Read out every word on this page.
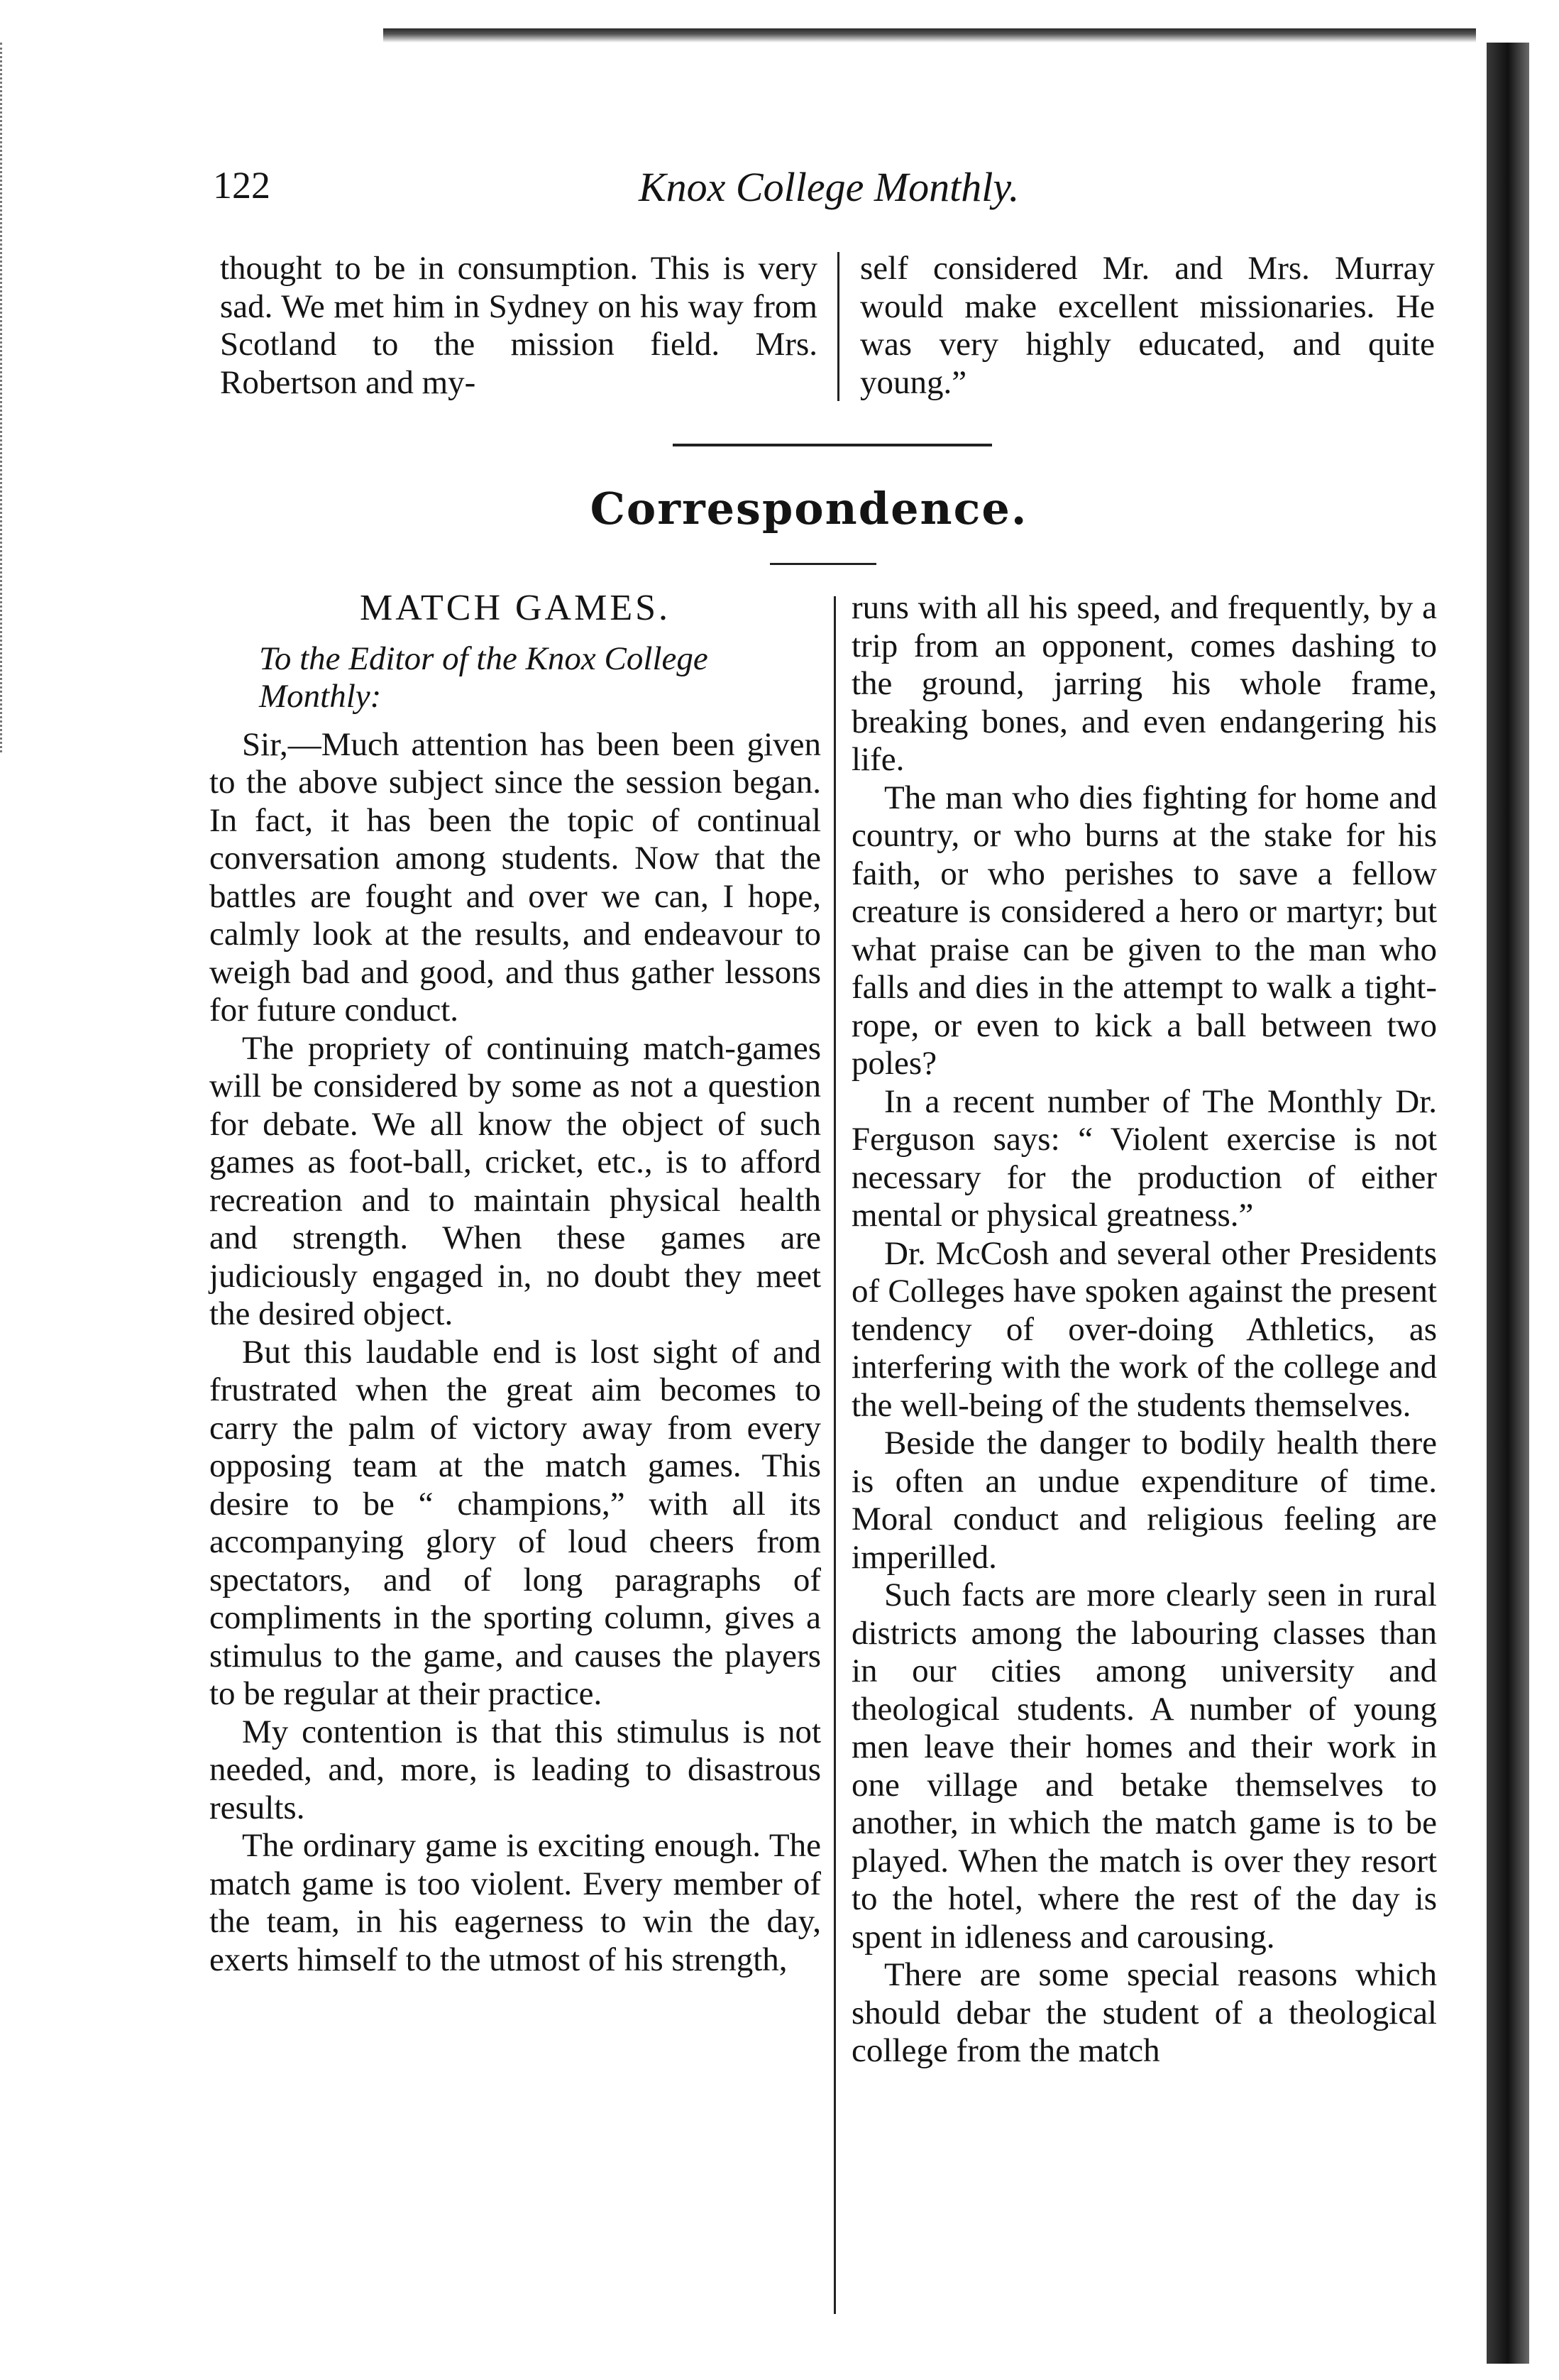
122	Knox College Monthly.

thought to be in consumption. This is very sad. We met him in Sydney on his way from Scotland to the mission field. Mrs. Robertson and my-

self considered Mr. and Mrs. Murray would make excellent missionaries. He was very highly educated, and quite young.”

Correspondence.

MATCH GAMES.

To the Editor of the Knox College

Monthly:

Sir,—Much attention has been been given to the above subject since the session began. In fact, it has been the topic of continual conversation among students. Now that the battles are fought and over we can, I hope, calmly look at the results, and endeavour to weigh bad and good, and thus gather lessons for future conduct.

The propriety of continuing match-games will be considered by some as not a question for debate. We all know the object of such games as foot-ball, cricket, etc., is to afford recreation and to maintain physical health and strength. When these games are judiciously engaged in, no doubt they meet the desired object.

But this laudable end is lost sight of and frustrated when the great aim becomes to carry the palm of victory away from every opposing team at the match games. This desire to be “ champions,” with all its accompanying glory of loud cheers from spectators, and of long paragraphs of compliments in the sporting column, gives a stimulus to the game, and causes the players to be regular at their practice.

My contention is that this stimulus is not needed, and, more, is leading to disastrous results.

The ordinary game is exciting enough. The match game is too violent. Every member of the team, in his eagerness to win the day, exerts himself to the utmost of his strength,

runs with all his speed, and frequently, by a trip from an opponent, comes dashing to the ground, jarring his whole frame, breaking bones, and even endangering his life.

The man who dies fighting for home and country, or who burns at the stake for his faith, or who perishes to save a fellow creature is considered a hero or martyr; but what praise can be given to the man who falls and dies in the attempt to walk a tight-rope, or even to kick a ball between two poles?

In a recent number of The Monthly Dr. Ferguson says: “ Violent exercise is not necessary for the production of either mental or physical greatness.”

Dr. McCosh and several other Presidents of Colleges have spoken against the present tendency of over-doing Athletics, as interfering with the work of the college and the well-being of the students themselves.

Beside the danger to bodily health there is often an undue expenditure of time. Moral conduct and religious feeling are imperilled.

Such facts are more clearly seen in rural districts among the labouring classes than in our cities among university and theological students. A number of young men leave their homes and their work in one village and betake themselves to another, in which the match game is to be played. When the match is over they resort to the hotel, where the rest of the day is spent in idleness and carousing.

There are some special reasons which should debar the student of a theological college from the match
